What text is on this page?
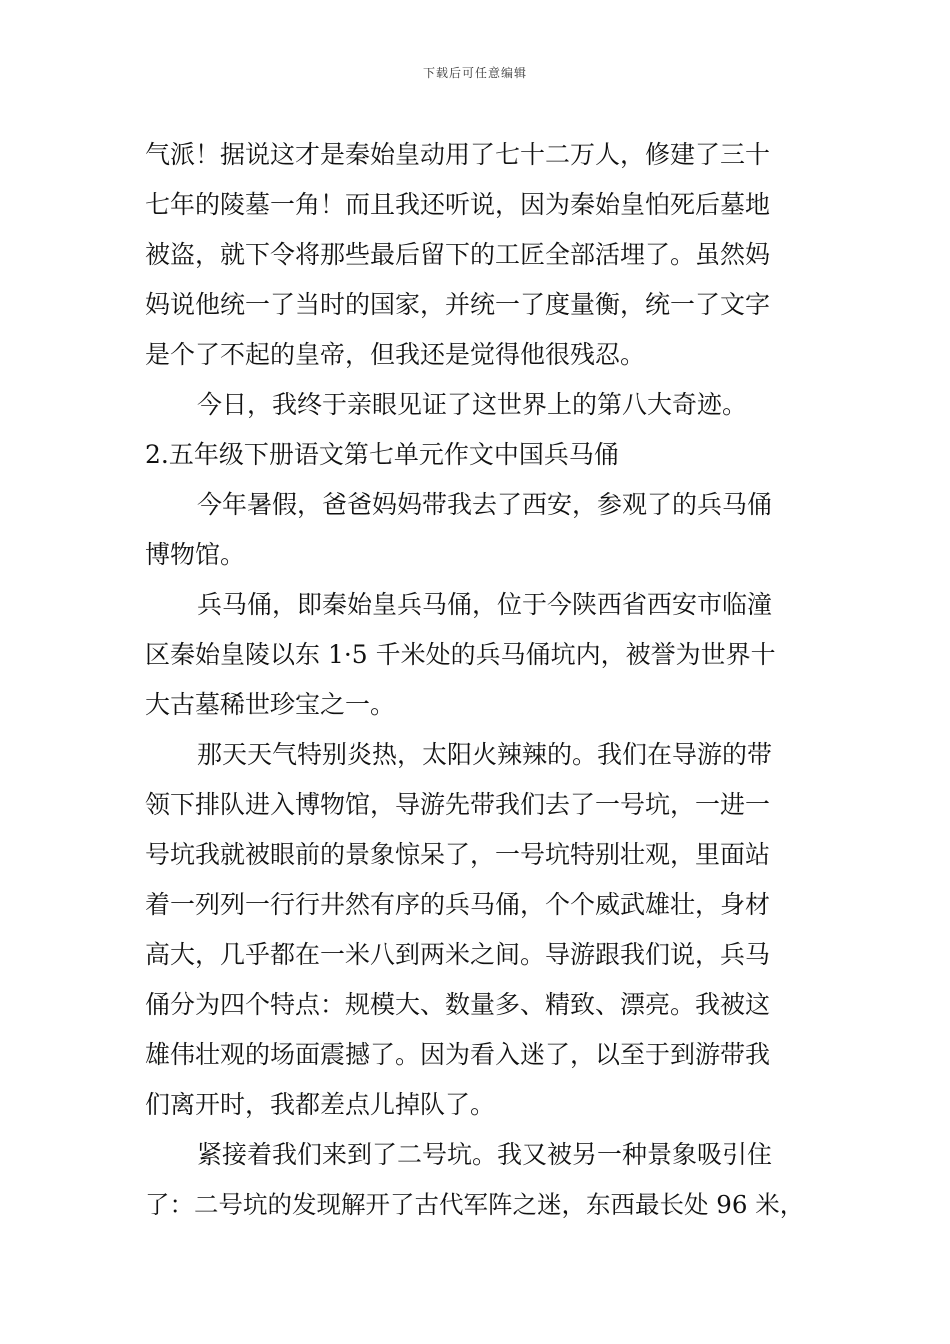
下载后可任意编辑
气派！据说这才是秦始皇动用了七十二万人，修建了三十
七年的陵墓一角！而且我还听说，因为秦始皇怕死后墓地
被盗，就下令将那些最后留下的工匠全部活埋了。虽然妈
妈说他统一了当时的国家，并统一了度量衡，统一了文字
是个了不起的皇帝，但我还是觉得他很残忍。
今日，我终于亲眼见证了这世界上的第八大奇迹。
2.五年级下册语文第七单元作文中国兵马俑
今年暑假，爸爸妈妈带我去了西安，参观了的兵马俑
博物馆。
兵马俑，即秦始皇兵马俑，位于今陕西省西安市临潼
区秦始皇陵以东 1·5 千米处的兵马俑坑内，被誉为世界十
大古墓稀世珍宝之一。
那天天气特别炎热，太阳火辣辣的。我们在导游的带
领下排队进入博物馆，导游先带我们去了一号坑，一进一
号坑我就被眼前的景象惊呆了，一号坑特别壮观，里面站
着一列列一行行井然有序的兵马俑，个个威武雄壮，身材
高大，几乎都在一米八到两米之间。导游跟我们说，兵马
俑分为四个特点：规模大、数量多、精致、漂亮。我被这
雄伟壮观的场面震撼了。因为看入迷了，以至于到游带我
们离开时，我都差点儿掉队了。
紧接着我们来到了二号坑。我又被另一种景象吸引住
了：二号坑的发现解开了古代军阵之迷，东西最长处 96 米，
